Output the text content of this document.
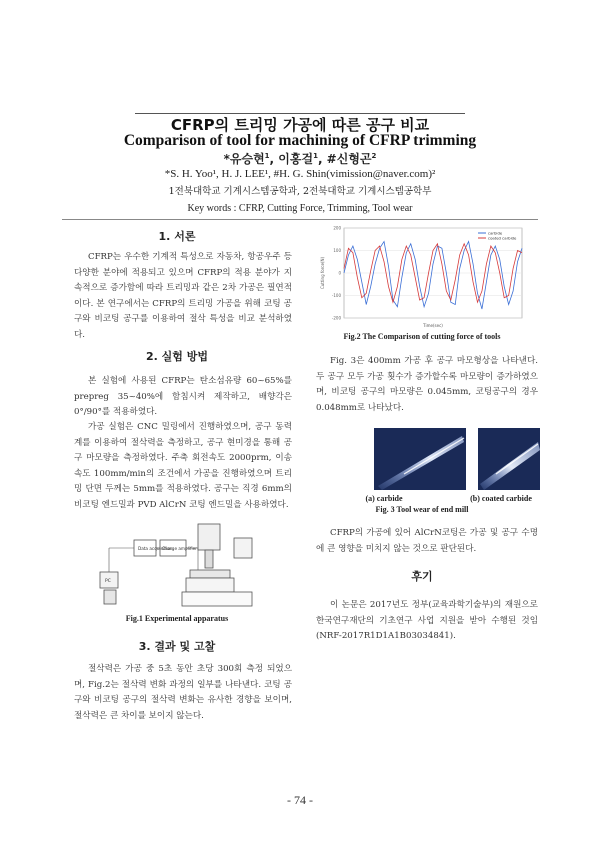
CFRP의 트리밍 가공에 따른 공구 비교
Comparison of tool for machining of CFRP trimming
*유승현$^1$, 이홍걸$^1$, #신형곤$^2$
*S. H. Yoo¹, H. J. LEE¹, #H. G. Shin(vimission@naver.com)²
1전북대학교 기계시스템공학과, 2전북대학교 기계시스템공학부
Key words : CFRP, Cutting Force, Trimming, Tool wear
1. 서론
CFRP는 우수한 기계적 특성으로 자동차, 항공우주 등 다양한 분야에 적용되고 있으며 CFRP의 적용 분야가 지속적으로 증가함에 따라 트리밍과 같은 2차 가공은 필연적이다. 본 연구에서는 CFRP의 트리밍 가공을 위해 코팅 공구와 비코팅 공구를 이용하여 절삭 특성을 비교 분석하였다.
2. 실험 방법
본 실험에 사용된 CFRP는 탄소섬유량 60~65%를 prepreg 35~40%에 함침시켜 제작하고, 배향각은 0°/90°를 적용하였다.
가공 실험은 CNC 밀링에서 진행하였으며, 공구 동력계를 이용하여 절삭력을 측정하고, 공구 현미경을 통해 공구 마모량을 측정하였다. 주축 회전속도 2000prm, 이송 속도 100mm/min의 조건에서 가공을 진행하였으며 트리밍 단면 두께는 5mm를 적용하였다. 공구는 직경 6mm의 비코팅 엔드밀과 PVD AlCrN 코팅 엔드밀을 사용하였다.
Data acquisition
Charge amplifier
PC
Fig.1 Experimental apparatus
3. 결과 및 고찰
절삭력은 가공 중 5초 동안 초당 300회 측정 되었으며, Fig.2는 절삭력 변화 과정의 일부를 나타낸다. 코팅 공구와 비코팅 공구의 절삭력 변화는 유사한 경향을 보이며, 절삭력은 큰 차이를 보이지 않는다.
200
100
0
-100
-200
carbide
coated carbide
Time(sec)
Cutting force(N)
Fig.2 The Comparison of cutting force of tools
Fig. 3은 400mm 가공 후 공구 마모형상을 나타낸다. 두 공구 모두 가공 횟수가 증가할수록 마모량이 증가하였으며, 비코팅 공구의 마모량은 0.045mm, 코팅공구의 경우 0.048mm로 나타났다.
(a) carbide	(b) coated carbide
Fig. 3 Tool wear of end mill
CFRP의 가공에 있어 AlCrN코팅은 가공 및 공구 수명에 큰 영향을 미치지 않는 것으로 판단된다.
후기
이 논문은 2017년도 정부(교육과학기술부)의 재원으로 한국연구재단의 기초연구 사업 지원을 받아 수행된 것임(NRF-2017R1D1A1B03034841).
- 74 -
